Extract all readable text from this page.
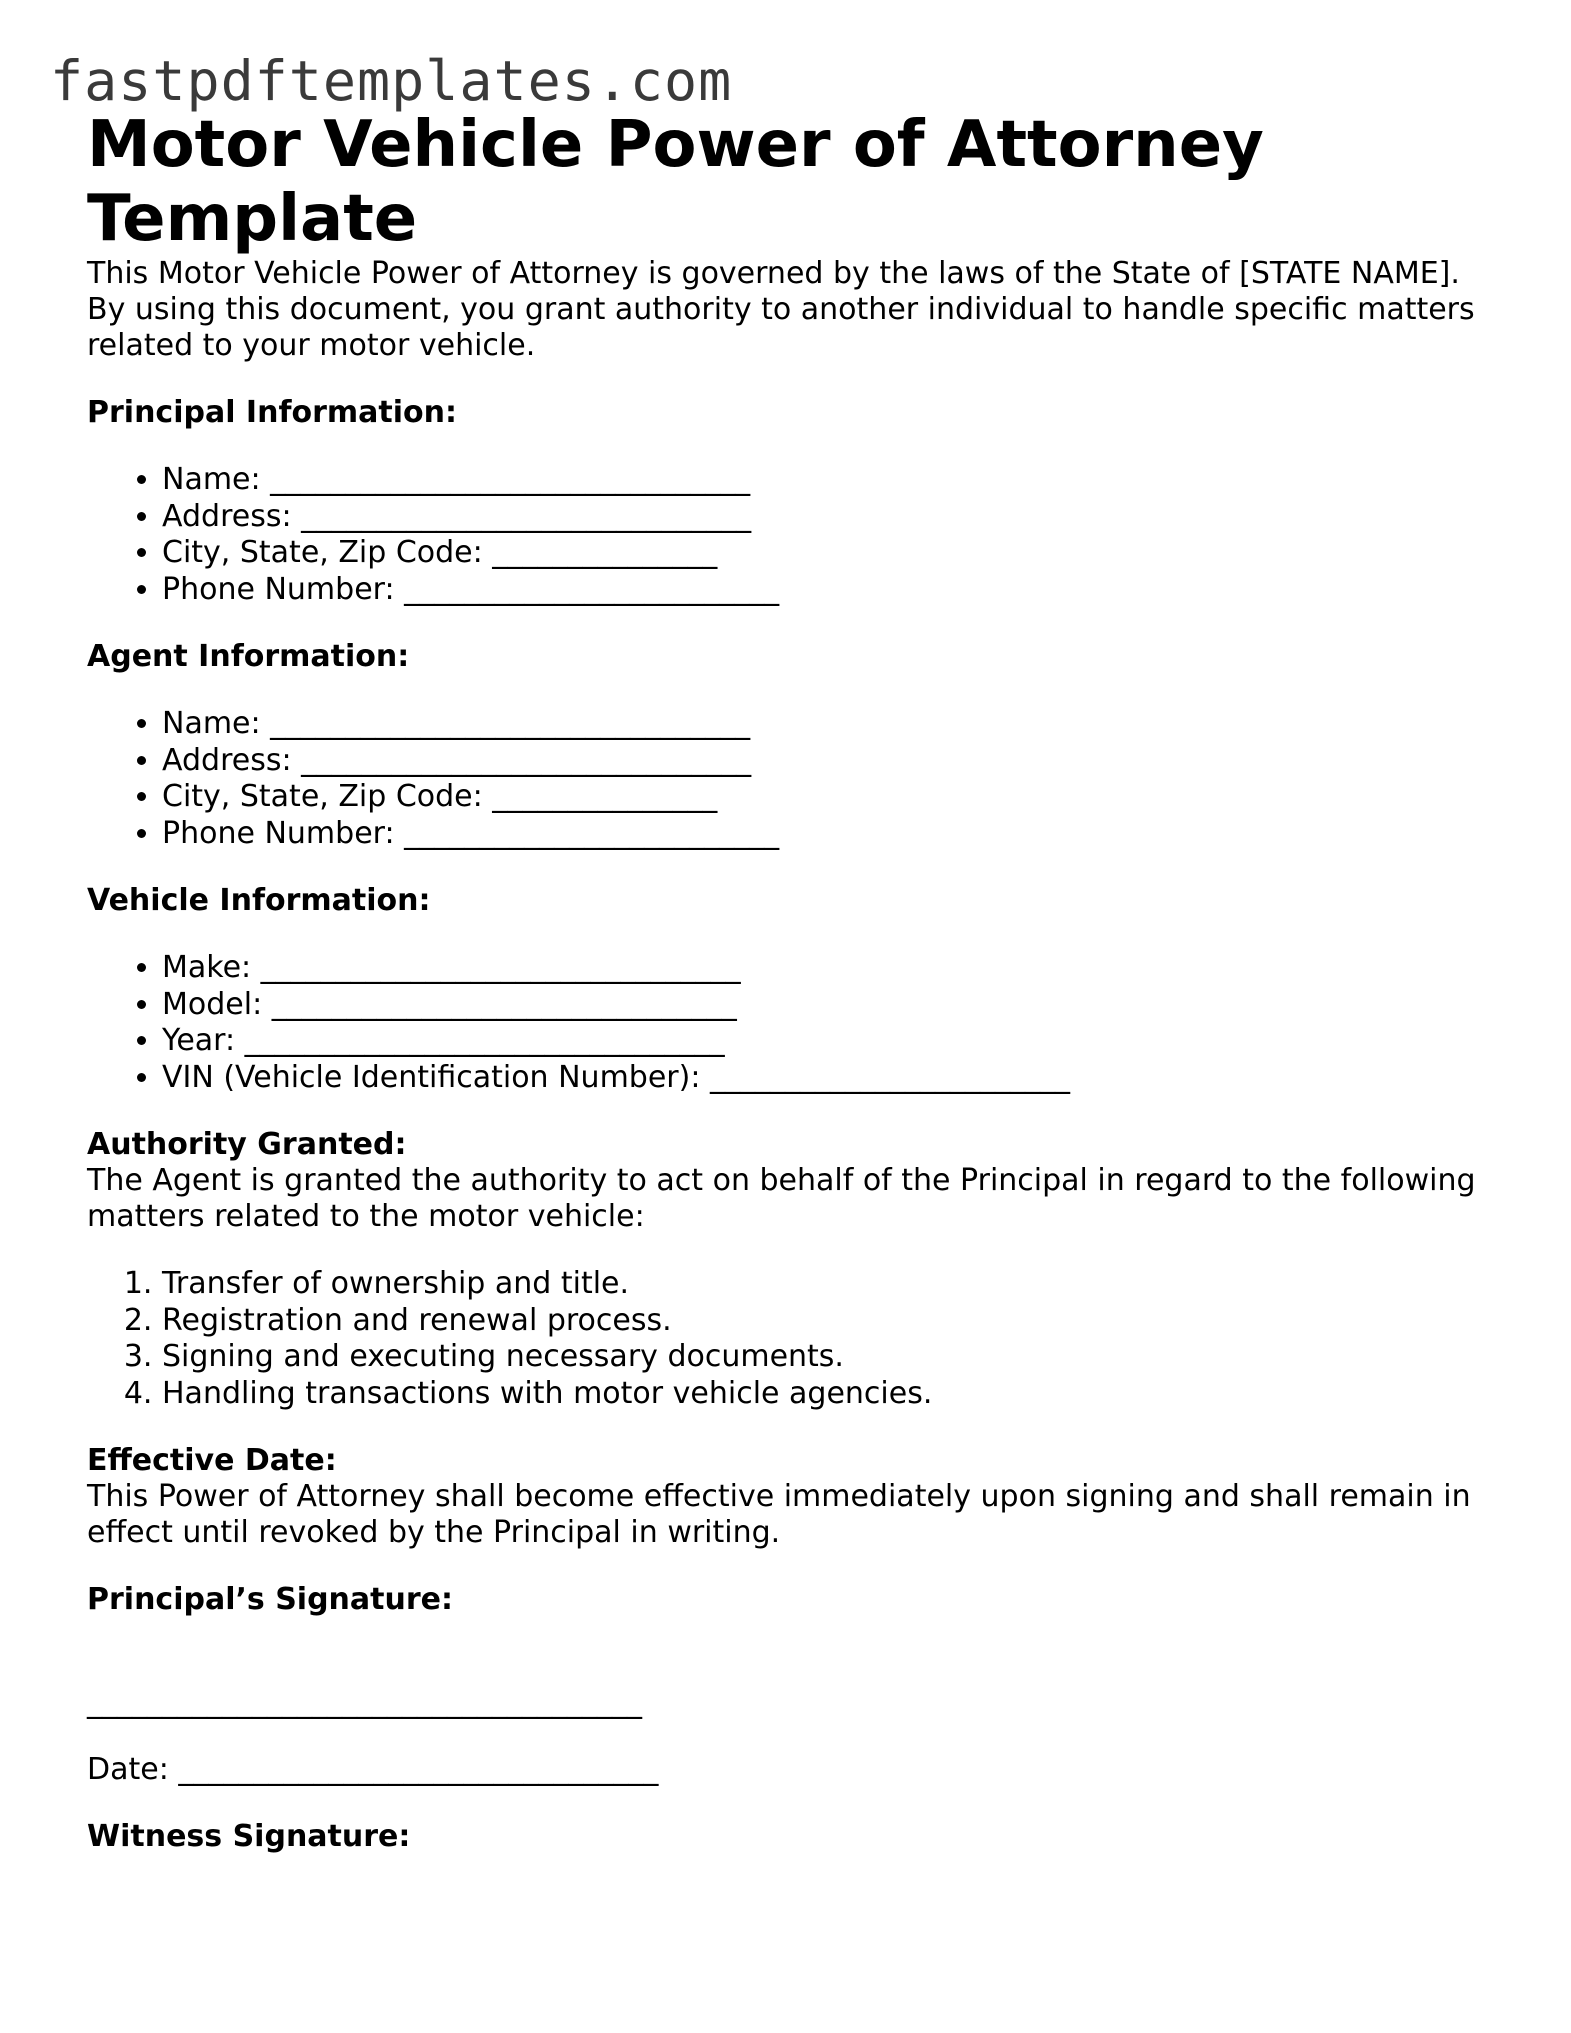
fastpdftemplates.com
Motor Vehicle Power of Attorney Template

This Motor Vehicle Power of Attorney is governed by the laws of the State of [STATE NAME]. By using this document, you grant authority to another individual to handle specific matters related to your motor vehicle.

Principal Information:
• Name: ________________________________
• Address: ______________________________
• City, State, Zip Code: _______________
• Phone Number: _________________________
Agent Information:
• Name: ________________________________
• Address: ______________________________
• City, State, Zip Code: _______________
• Phone Number: _________________________
Vehicle Information:
• Make: ________________________________
• Model: _______________________________
• Year: ________________________________
• VIN (Vehicle Identification Number): ________________________
Authority Granted:

The Agent is granted the authority to act on behalf of the Principal in regard to the following matters related to the motor vehicle:

1. Transfer of ownership and title.
2. Registration and renewal process.
3. Signing and executing necessary documents.
4. Handling transactions with motor vehicle agencies.
Effective Date:

This Power of Attorney shall become effective immediately upon signing and shall remain in effect until revoked by the Principal in writing.

Principal’s Signature:
_____________________________________
Date: ________________________________
Witness Signature:
